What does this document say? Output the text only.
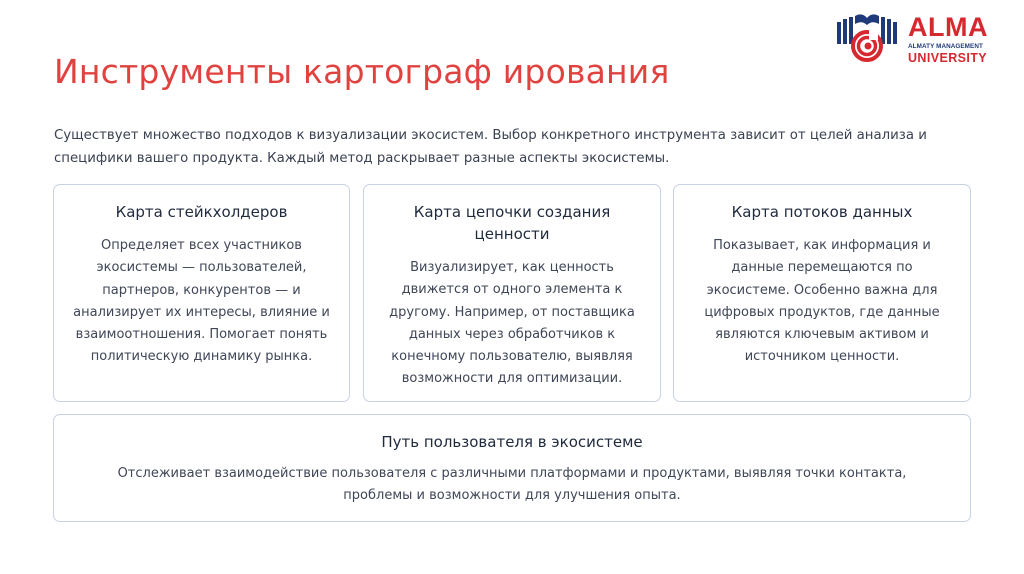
ALMA
ALMATY MANAGEMENT
UNIVERSITY
Инструменты картограф ирования

Существует множество подходов к визуализации экосистем. Выбор конкретного инструмента зависит от целей анализа и специфики вашего продукта. Каждый метод раскрывает разные аспекты экосистемы.

Карта стейкхолдеров

Определяет всех участников экосистемы — пользователей, партнеров, конкурентов — и анализирует их интересы, влияние и взаимоотношения. Помогает понять политическую динамику рынка.

Карта цепочки создания ценности

Визуализирует, как ценность движется от одного элемента к другому. Например, от поставщика данных через обработчиков к конечному пользователю, выявляя возможности для оптимизации.

Карта потоков данных

Показывает, как информация и данные перемещаются по экосистеме. Особенно важна для цифровых продуктов, где данные являются ключевым активом и источником ценности.

Путь пользователя в экосистеме

Отслеживает взаимодействие пользователя с различными платформами и продуктами, выявляя точки контакта, проблемы и возможности для улучшения опыта.
